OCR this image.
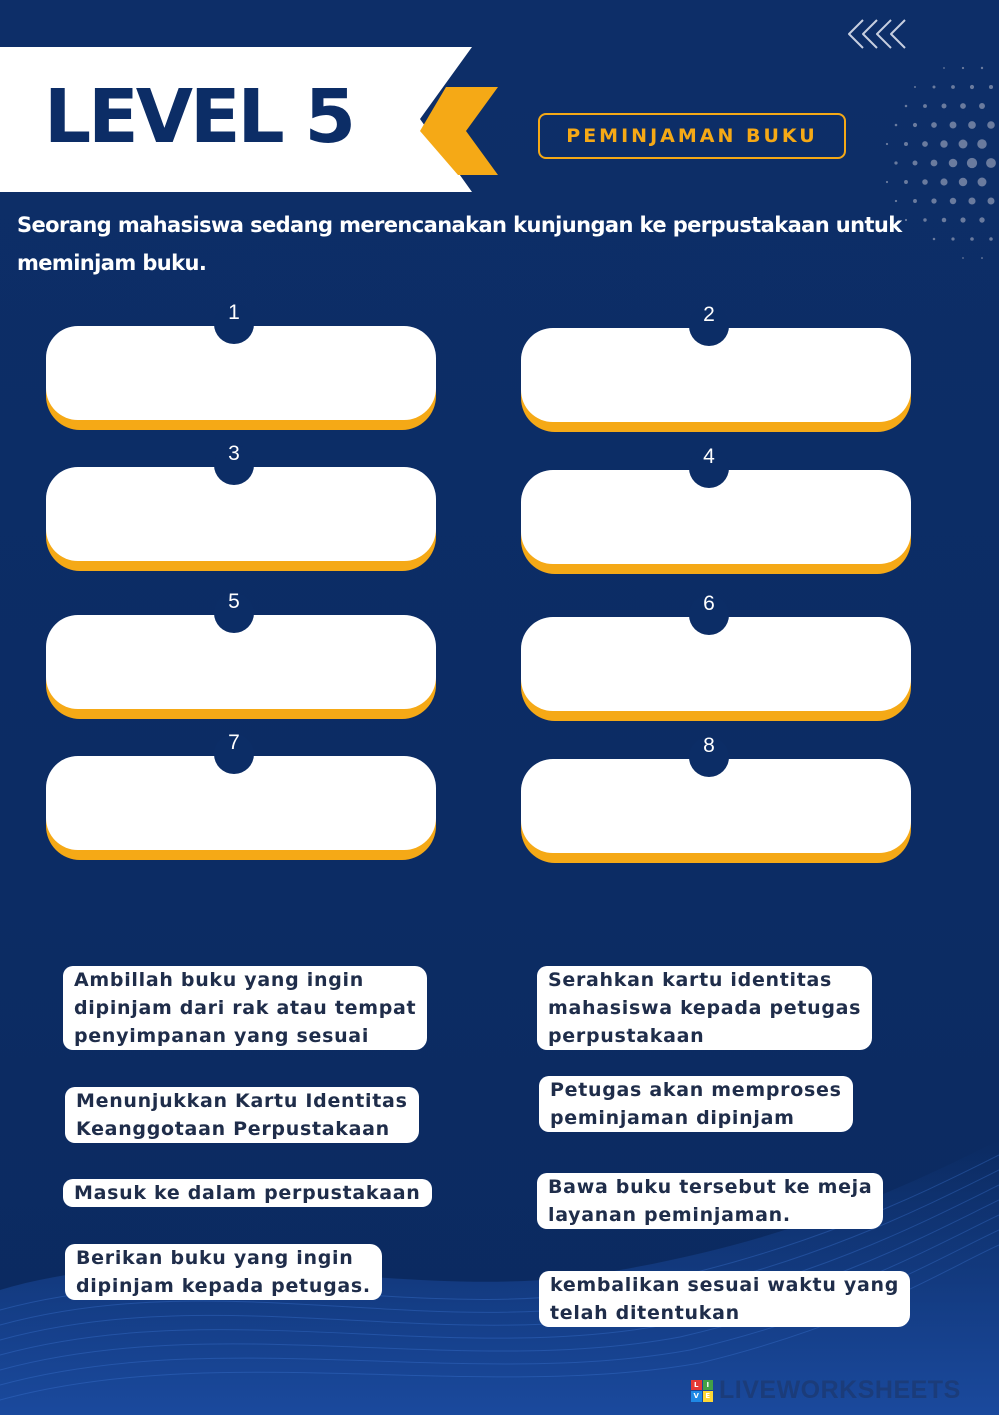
LEVEL 5	PEMINJAMAN BUKU

Seorang mahasiswa sedang merencanakan kunjungan ke perpustakaan untuk meminjam buku.

1	2
3	4
5	6
7	8
Ambillah buku yang ingin
dipinjam dari rak atau tempat
penyimpanan yang sesuai
Serahkan kartu identitas
mahasiswa kepada petugas
perpustakaan
Menunjukkan Kartu Identitas
Keanggotaan Perpustakaan
Petugas akan memproses
peminjaman dipinjam
Masuk ke dalam perpustakaan	Bawa buku tersebut ke meja
layanan peminjaman.
Berikan buku yang ingin
dipinjam kepada petugas.	kembalikan sesuai waktu yang
telah ditentukan
L	I
V E LIVEWORKSHEETS
